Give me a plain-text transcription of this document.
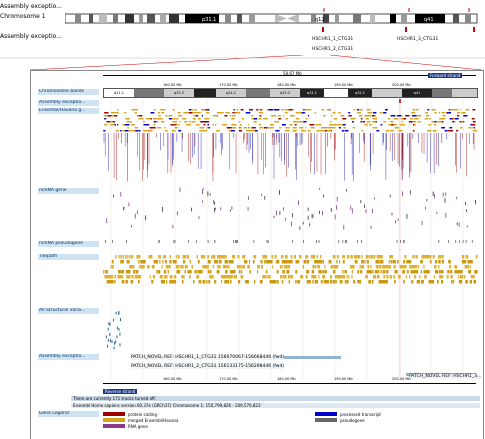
Assembly exceptio...
Chromosome 1
Assembly exceptio...
p31.1	q12	q41
HSCHR1_1_CTG31	HSCHR1_3_CTG31
HSCHR1_2_CTG31
58.67 Mb	Forward strand
160.00 Mb	170.00 Mb	180.00 Mb	190.00 Mb	200.00 Mb
Chromosome bands	q21.1	q23.3	q24.2	q25.3	q31.1	q32.1	q41
Assembly exceptio...
Ensembl/Havana g...
ncRNA gene
ncRNA pseudogene
Tilepath
All Structural varia...
Assembly exceptio...	PATCH_NOVEL REF: HSCHR1_1_CTG31 156070067-156668446 (fwd)
PATCH_NOVEL REF: HSCHR1_2_CTG31 156133175-156298446 (fwd)
PATCH_NOVEL REF: HSCHR1_3...
Reverse strand
160.00 Mb	170.00 Mb	180.00 Mb	190.00 Mb	200.00 Mb
There are currently 171 tracks turned off.
Ensembl Homo sapiens version 60.37e (GRCh37) Chromosome 1: 150,799,826 - 209,570,823
Gene Legend	protein coding	processed transcript
merged Ensembl/Havana	pseudogene
RNA gene
